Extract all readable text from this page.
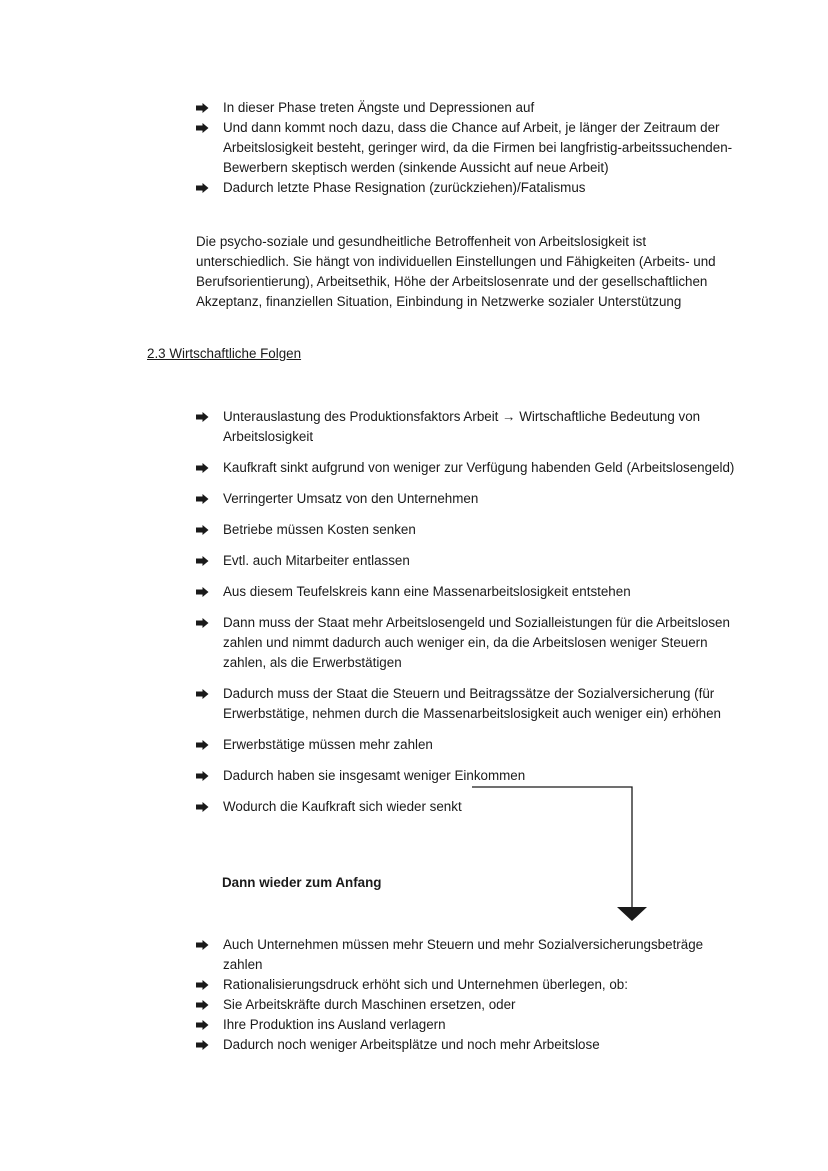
In dieser Phase treten Ängste und Depressionen auf
Und dann kommt noch dazu, dass die Chance auf Arbeit, je länger der Zeitraum der Arbeitslosigkeit besteht, geringer wird, da die Firmen bei langfristig-arbeitssuchenden-Bewerbern skeptisch werden (sinkende Aussicht auf neue Arbeit)
Dadurch letzte Phase Resignation (zurückziehen)/Fatalismus

Die psycho-soziale und gesundheitliche Betroffenheit von Arbeitslosigkeit ist unterschiedlich. Sie hängt von individuellen Einstellungen und Fähigkeiten (Arbeits- und Berufsorientierung), Arbeitsethik, Höhe der Arbeitslosenrate und der gesellschaftlichen Akzeptanz, finanziellen Situation, Einbindung in Netzwerke sozialer Unterstützung

2.3 Wirtschaftliche Folgen
Unterauslastung des Produktionsfaktors Arbeit → Wirtschaftliche Bedeutung von Arbeitslosigkeit
Kaufkraft sinkt aufgrund von weniger zur Verfügung habenden Geld (Arbeitslosengeld)
Verringerter Umsatz von den Unternehmen
Betriebe müssen Kosten senken
Evtl. auch Mitarbeiter entlassen
Aus diesem Teufelskreis kann eine Massenarbeitslosigkeit entstehen
Dann muss der Staat mehr Arbeitslosengeld und Sozialleistungen für die Arbeitslosen zahlen und nimmt dadurch auch weniger ein, da die Arbeitslosen weniger Steuern zahlen, als die Erwerbstätigen
Dadurch muss der Staat die Steuern und Beitragssätze der Sozialversicherung (für Erwerbstätige, nehmen durch die Massenarbeitslosigkeit auch weniger ein) erhöhen
Erwerbstätige müssen mehr zahlen
Dadurch haben sie insgesamt weniger Einkommen
Wodurch die Kaufkraft sich wieder senkt

Dann wieder zum Anfang

Auch Unternehmen müssen mehr Steuern und mehr Sozialversicherungsbeträge zahlen
Rationalisierungsdruck erhöht sich und Unternehmen überlegen, ob:
Sie Arbeitskräfte durch Maschinen ersetzen, oder
Ihre Produktion ins Ausland verlagern
Dadurch noch weniger Arbeitsplätze und noch mehr Arbeitslose
